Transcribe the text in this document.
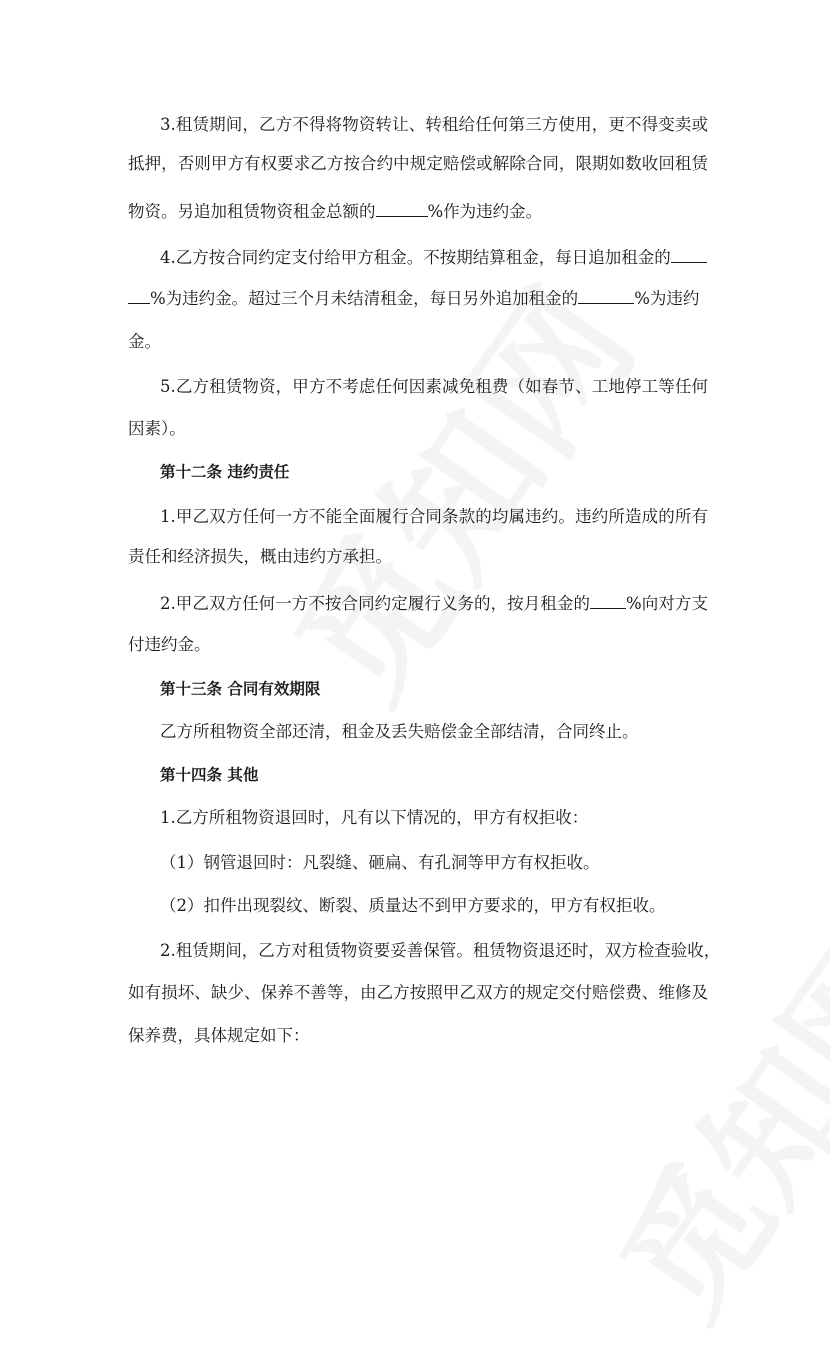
3.租赁期间，乙方不得将物资转让、转租给任何第三方使用，更不得变卖或
抵押，否则甲方有权要求乙方按合约中规定赔偿或解除合同，限期如数收回租赁
物资。另追加租赁物资租金总额的	%作为违约金。
4.乙方按合同约定支付给甲方租金。不按期结算租金，每日追加租金的
%为违约金。超过三个月未结清租金，每日另外追加租金的	%为违约
金。
5.乙方租赁物资，甲方不考虑任何因素减免租费（如春节、工地停工等任何
因素）。
第十二条 违约责任
1.甲乙双方任何一方不能全面履行合同条款的均属违约。违约所造成的所有
责任和经济损失，概由违约方承担。
2.甲乙双方任何一方不按合同约定履行义务的，按月租金的 %向对方支
付违约金。
第十三条 合同有效期限
乙方所租物资全部还清，租金及丢失赔偿金全部结清，合同终止。
第十四条 其他
1.乙方所租物资退回时，凡有以下情况的，甲方有权拒收：
（1）钢管退回时：凡裂缝、砸扁、有孔洞等甲方有权拒收。
（2）扣件出现裂纹、断裂、质量达不到甲方要求的，甲方有权拒收。
2.租赁期间，乙方对租赁物资要妥善保管。租赁物资退还时，双方检查验收，
如有损坏、缺少、保养不善等，由乙方按照甲乙双方的规定交付赔偿费、维修及
保养费，具体规定如下：
